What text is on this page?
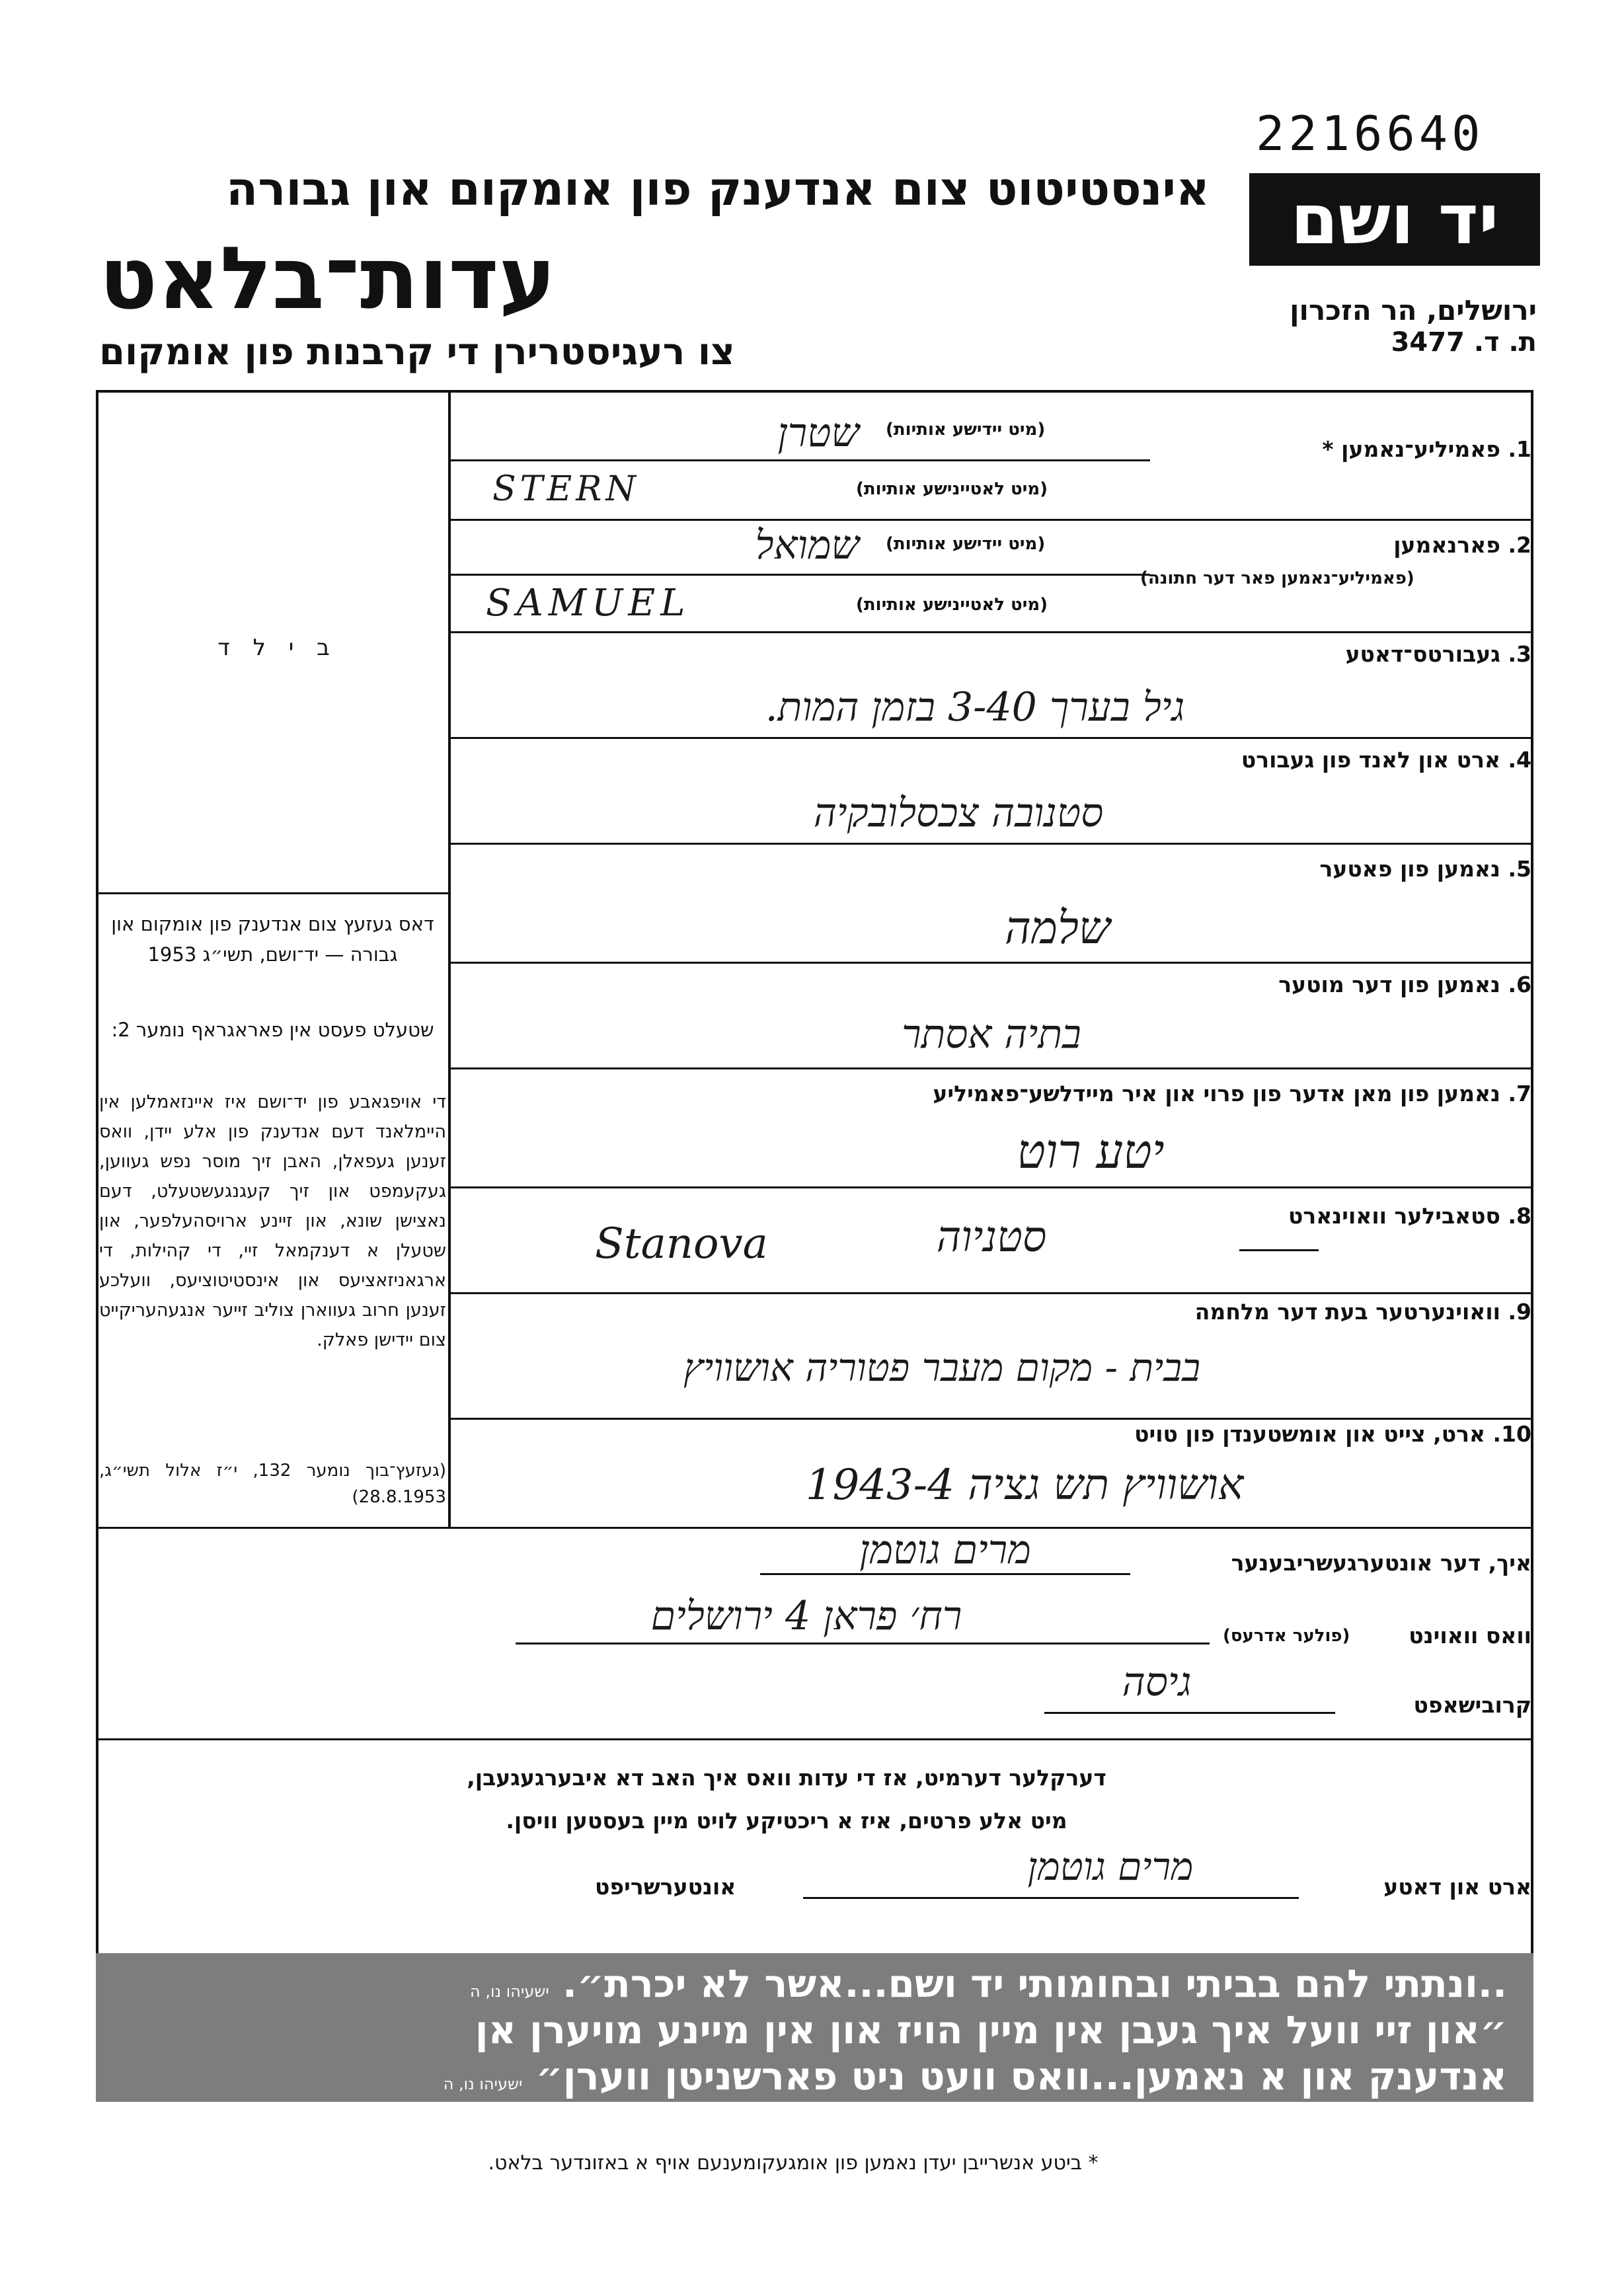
2216640
יד ושם
ירושלים, הר הזכרון
ת. ד. 3477
אינסטיטוט צום אנדענק פון אומקום און גבורה
עדות־בלאט
צו רעגיסטרירן די קרבנות פון אומקום
ב י ל ד
דאס געזעץ צום אנדענק פון אומקום און גבורה — יד־ושם, תשי״ג 1953
שטעלט פעסט אין פאראגראף נומער 2:
די אויפגאבע פון יד־ושם איז איינזאמלען אין היימלאנד דעם אנדענק פון אלע יידן, וואס זענען געפאלן, האבן זיך מוסר נפש געווען, געקעמפט און זיך קעגנגעשטעלט, דעם נאצישן שונא, און זיינע ארויסהעלפער, און שטעלן א דענקמאל זיי, די קהילות, די ארגאניזאציעס און אינסטיטוציעס, וועלכע זענען חרוב געווארן צוליב זייער אנגעהעריקייט צום יידישן פאלק.
(געזעץ־בוך נומער 132, י״ז אלול תשי״ג, 28.8.1953)
1. פאמיליע־נאמען *
(מיט יידישע אותיות)
שטרן
(מיט לאטיינישע אותיות)
STERN
2. פארנאמען
(פאמיליע־נאמען פאר דער חתונה)
(מיט יידישע אותיות)
שמואל
(מיט לאטיינישע אותיות)
SAMUEL
3. געבורטס־דאטע
גיל בערך 3-40 בזמן המות.
4. ארט און לאנד פון געבורט
סטנובה צכסלובקיה
5. נאמען פון פאטער
שלמה
6. נאמען פון דער מוטער
בתיה אסתר
7. נאמען פון מאן אדער פון פרוי און איר מיידלשע־פאמיליע
יטע רוט
8. סטאבילער וואוינארט
Stanova	סטניוה
9. וואוינערטער בעת דער מלחמה
בבית - מקום מעבר פטוריה אושוויץ
10. ארט, צייט און אומשטענדן פון טויט
אושוויץ תש גציה 1943-4
איך, דער אונטערגעשריבענער
מרים גוטמן
וואס וואוינט
(פולער אדרעס)
רח׳ פראן 4 ירושלים
קרובישאפט
גיסה
דערקלער דערמיט, אז די עדות וואס איך האב דא איבערגעגעבן,
מיט אלע פרטים, איז א ריכטיקע לויט מיין בעסטען וויסן.
ארט און דאטע
אונטערשריפט	מרים גוטמן
..ונתתי להם בביתי ובחומותי יד ושם...אשר לא יכרת״. ישעיהו נו, ה
״און זיי וועל איך געבן אין מיין הויז און אין מיינע מויערן אן
אנדענק און א נאמען...וואס וועט ניט פארשניטן ווערן״ ישעיהו נו, ה
* ביטע אנשרייבן יעדן נאמען פון אומגעקומענעם אויף א באזונדער בלאט.
